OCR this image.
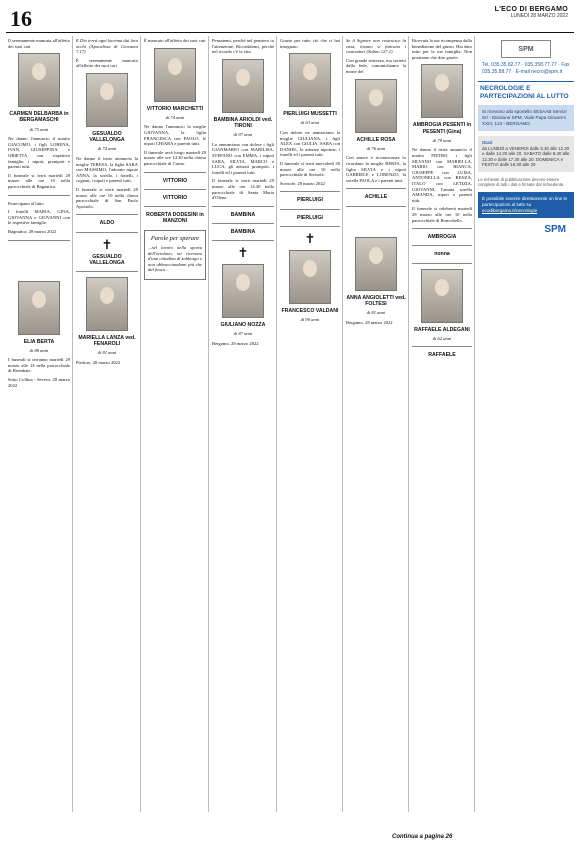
16	L'ECO DI BERGAMO
LUNEDÌ 28 MARZO 2022

Il serenamente mancata all'affetto dei suoi cari

CARMEN DELBARBA in BERGAMASCHI
di 75 anni

Ne danno l'annuncio il marito GIACOMO, i figli LORENA, IVAN, GIUSEPPINA e ORIETTA con rispettive famiglie, i nipoti, pronipoti e parenti tutti.

Il funerale si terrà martedì 29 marzo alle ore 10 nella parrocchiale di Bagnatica.

Partecipano al lutto

I fratelli MARIA, GINA, GIOVANNA e GIOVANNI con le rispettive famiglie.

Bagnatica, 28 marzo 2022

ELIA BERTA
di 88 anni

I funerali si terranno martedì 29 marzo alle 14 nella parrocchiale di Brembate.

Sotto Collina - Seveso, 28 marzo 2022

E Dio terrà ogni lacrima dai loro occhi (Apocalisse di Giovanni 7,17)

È serenamente mancato all'affetto dei suoi cari

GESUALDO VALLELONGA
di 74 anni

Ne danno il triste annuncio la moglie TERESA, la figlia SARA con MASSIMO, l'adorato nipote ANNA, la sorella, i fratelli, i cognati, i nipoti e parenti tutti.

Il funerale si terrà martedì 29 marzo alle ore 10 nella chiesa parrocchiale di San Paolo Apostolo.

ALDO
✝
GESUALDO VALLELONGA
MARIELLA LANZA ved. FENAROLI
di 81 anni

Predore, 28 marzo 2022

È mancato all'affetto dei suoi cari

VITTORIO MARCHETTI
di 74 anni

Ne danno l'annuncio la moglie GIOVANNA, la figlia FRANCESCA con PAOLO, le nipoti CHIARA e parenti tutti.

Il funerale avrà luogo martedì 29 marzo alle ore 14.30 nella chiesa parrocchiale di Curno.

VITTORIO
VITTORIO
ROBERTA DODESINI in MANZONI
Parole per sperare

...nel lavoro nella sporta dell'ortolano, mi ricevono d'una cittadina di sobborgo e non abbracciandomi più che dal fuoco...

Pensatemi, perché nel pensiero io l'attenzione. Ricordatemi, perché nel ricordo c'è la vita.

BAMBINA ARIOLDI ved. TIRONI
di 97 anni

Lo annunciano con dolore i figli GIANMARIO con MARILISA, STEFANO con EMMA, i nipoti SARA, SILVIA, MARCO e LUCA, gli adorati pronipoti, i fratelli ed i parenti tutti.

Il funerale si terrà martedì 29 marzo alle ore 14.30 nella parrocchiale di Santa Maria d'Oleno.

BAMBINA
BAMBINA
✝
GIULIANO NOZZA
di 87 anni

Bergamo, 28 marzo 2022

Grazie per tutto ciò che ci hai insegnato.

PIERLUIGI MUSSETTI
di 63 anni

Con dolore ne annunciano la moglie GIULIANA, i figli ALEX con GIULIA, SARA con DANIEL, le adorate nipotine, i fratelli ed i parenti tutti.

Il funerale si terrà mercoledì 30 marzo alle ore 10 nella parrocchiale di Sorisole.

Sorisole, 28 marzo 2022

PIERLUIGI
PIERLUIGI
✝
FRANCESCO VALDANI
di 90 anni

Se il Signore non costruisce la casa, invano vi faticano i costruttori (Salmo 127,1)

Con grande tristezza, ma sorretti dalla fede, comunichiamo la morte del

ACHILLE ROSA
di 76 anni

Con amore e riconoscenza lo ricordano la moglie BERTA, la figlia SILVIA e i nipoti GABRIELE e LORENZO, la sorella PAOLA e i parenti tutti.

ACHILLE
ANNA ANGIOLETTI ved. FOLTESI
di 81 anni

Bergamo, 28 marzo 2022

Ricevuta la tua ricompensa dalla benedizione del giusto. Hai dato tutto per la tua famiglia. Non possiamo che dire grazie.

AMBROGIA PESENTI in PESENTI (Gina)
di 79 anni

Ne danno il triste annuncio il marito PIETRO, i figli SILVANO con MARIELLA, MARIO con BIANCA, GIUSEPPE con LUISA, ANTONELLA con RENZA, ITALO con LETIZIA, GIOVANNI, l'amata sorella AMANDA, nipoti e parenti tutti.

Il funerale si celebrerà martedì 29 marzo alle ore 10 nella parrocchiale di Roncobello.

AMBROGIA
nonna
RAFFAELE ALDEGANI
di 62 anni
RAFFAELE
Continua a pagina 26
SPM
Tel. 035.35.82.77 · 035.358.77.77 · Fax 035.35.88.77 · E-mail necro@spm.it
NECROLOGIE E PARTECIPAZIONI AL LUTTO
Si ricevono allo sportello SESAAB Servizi Srl - Divisione SPM, Viale Papa Giovanni XXIII, 124 - BERGAMO
Orari
da LUNEDÌ a VENERDÌ dalle 8.30 alle 12.30 e dalle 14.30 alle 20. SABATO dalle 8.30 alle 12.30 e dalle 17.30 alle 20. DOMENICA e FESTIVI dalle 16.30 alle 20
Le richieste di pubblicazione devono essere complete di tutti i dati e firmate dal richiedente.
È possibile inserire direttamente on line le partecipazioni al lutto su
ecodibergamo.it/necrologie
SPM
